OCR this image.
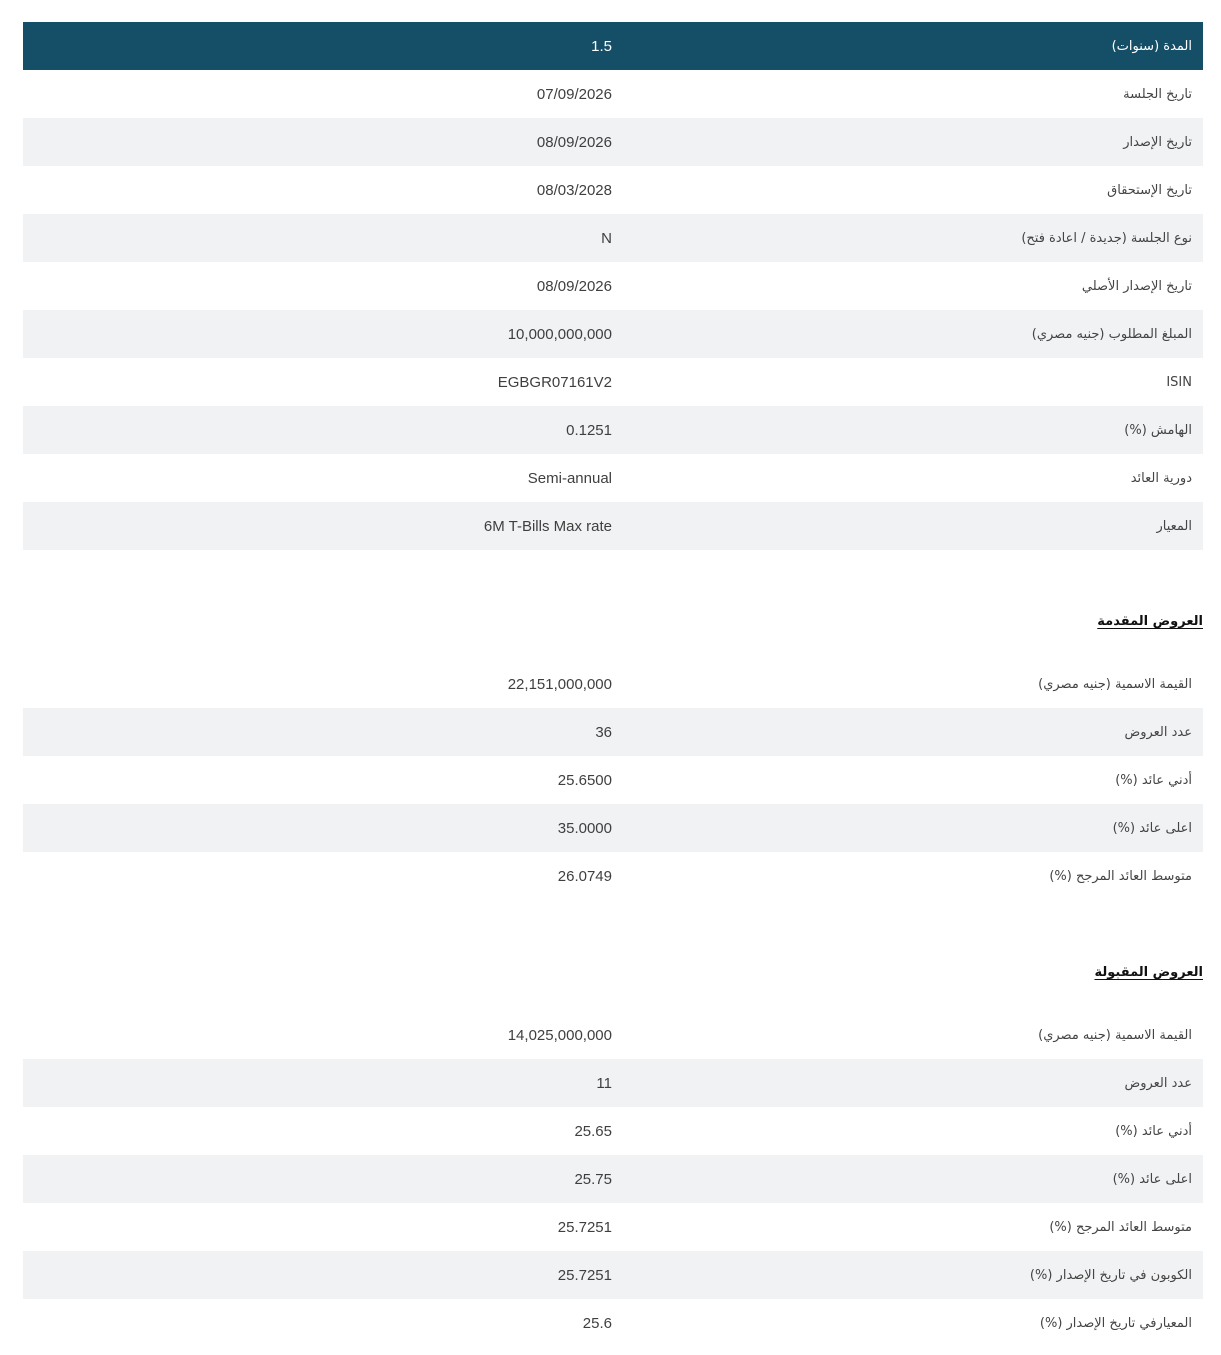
1.5	المدة (سنوات)
07/09/2026	تاريخ الجلسة
08/09/2026	تاريخ الإصدار
08/03/2028	تاريخ الإستحقاق
N	نوع الجلسة (جديدة / اعادة فتح)
08/09/2026	تاريخ الإصدار الأصلي
10,000,000,000	المبلغ المطلوب (جنيه مصري)
EGBGR07161V2	ISIN
0.1251	الهامش (%)
Semi-annual	دورية العائد
6M T-Bills Max rate	المعيار
العروض المقدمة
22,151,000,000	القيمة الاسمية (جنيه مصري)
36	عدد العروض
25.6500	أدني عائد (%)
35.0000	اعلى عائد (%)
26.0749	متوسط العائد المرجح (%)
العروض المقبولة
14,025,000,000	القيمة الاسمية (جنيه مصري)
11	عدد العروض
25.65	أدني عائد (%)
25.75	اعلى عائد (%)
25.7251	متوسط العائد المرجح (%)
25.7251	الكوبون في تاريخ الإصدار (%)
25.6	المعيارفي تاريخ الإصدار (%)
